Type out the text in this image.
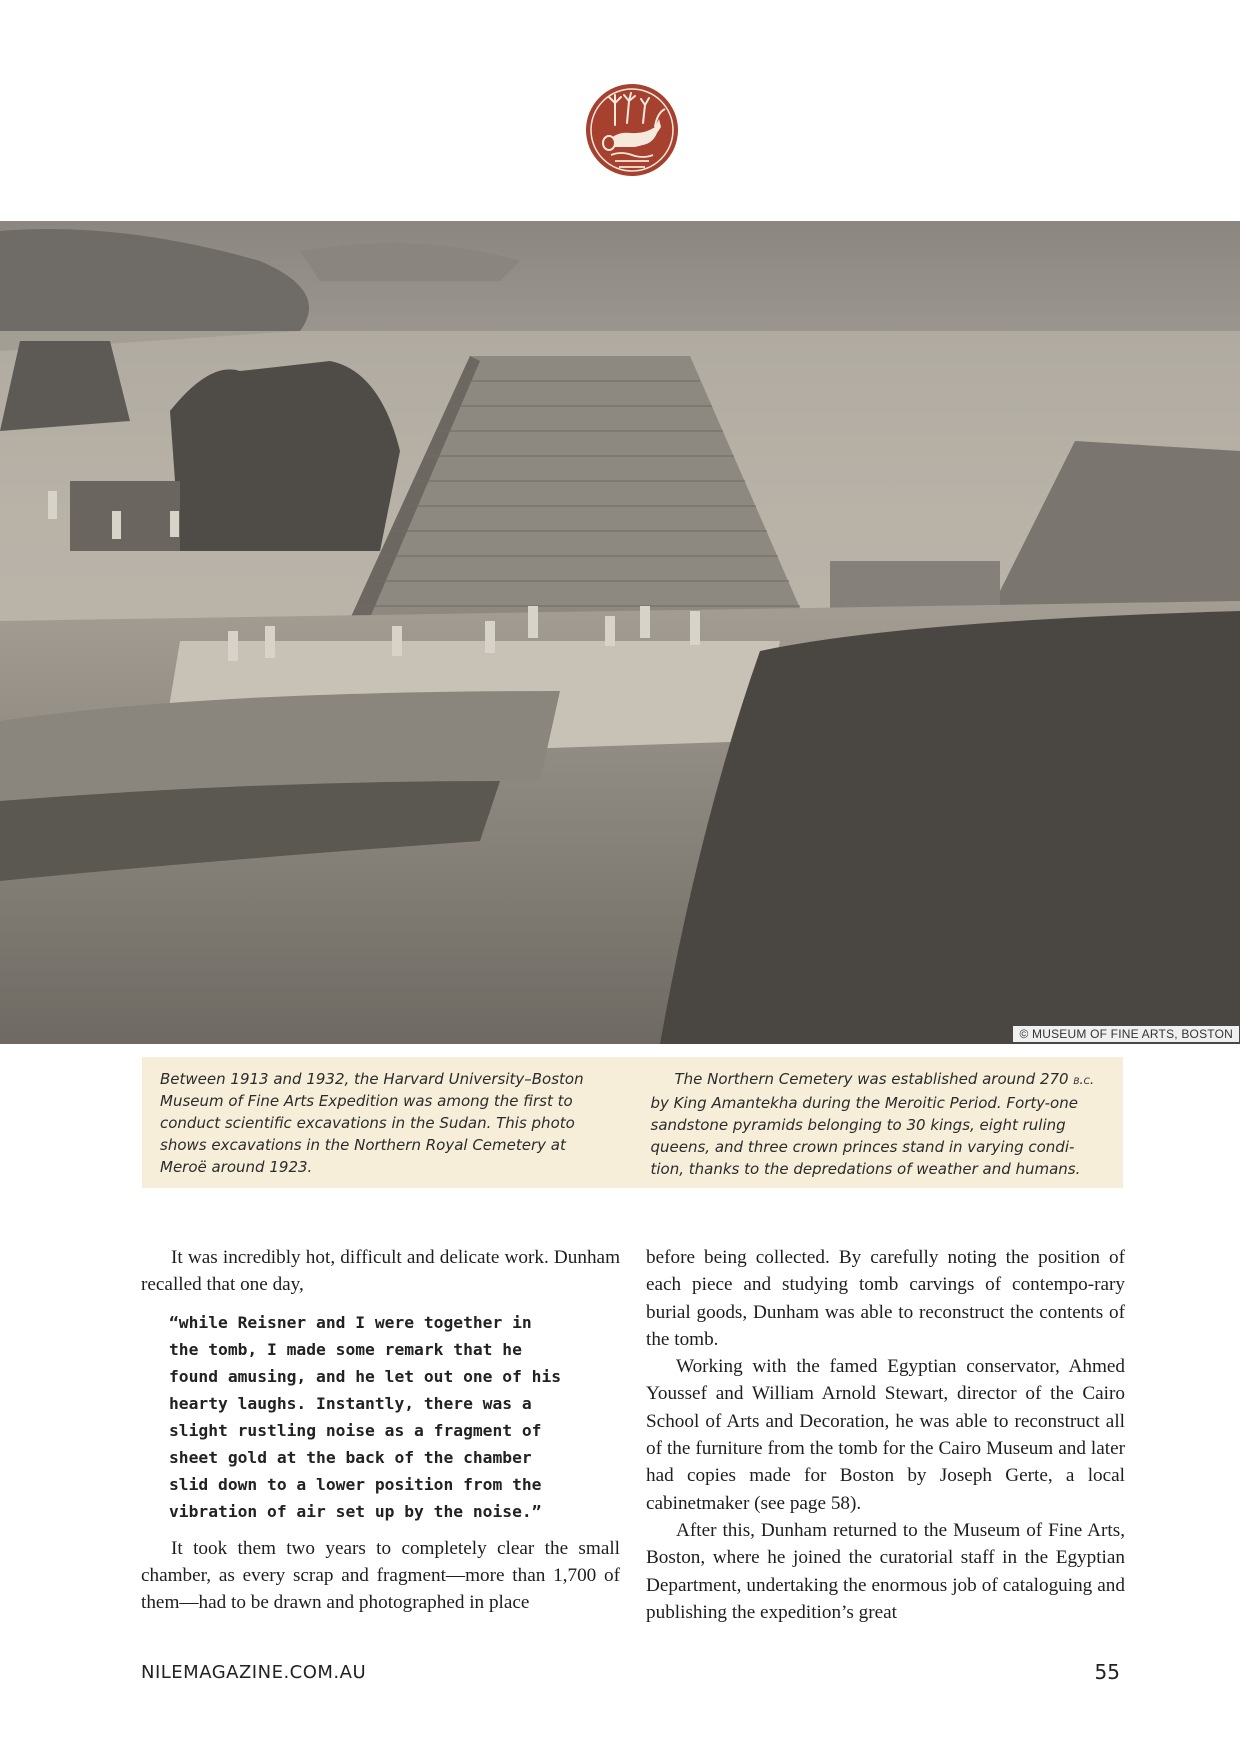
© MUSEUM OF FINE ARTS, BOSTON
Between 1913 and 1932, the Harvard University–Boston Museum of Fine Arts Expedition was among the first to conduct scientific excavations in the Sudan. This photo shows excavations in the Northern Royal Cemetery at Meroë around 1923.
The Northern Cemetery was established around 270 b.c. by King Amantekha during the Meroitic Period. Forty-one sandstone pyramids belonging to 30 kings, eight ruling queens, and three crown princes stand in varying condi-tion, thanks to the depredations of weather and humans.

It was incredibly hot, difficult and delicate work. Dunham recalled that one day,

“while Reisner and I were together in
the tomb, I made some remark that he
found amusing, and he let out one of his
hearty laughs. Instantly, there was a
slight rustling noise as a fragment of
sheet gold at the back of the chamber
slid down to a lower position from the
vibration of air set up by the noise.”

It took them two years to completely clear the small chamber, as every scrap and fragment—more than 1,700 of them—had to be drawn and photographed in place

before being collected. By carefully noting the position of each piece and studying tomb carvings of contempo-rary burial goods, Dunham was able to reconstruct the contents of the tomb.

Working with the famed Egyptian conservator, Ahmed Youssef and William Arnold Stewart, director of the Cairo School of Arts and Decoration, he was able to reconstruct all of the furniture from the tomb for the Cairo Museum and later had copies made for Boston by Joseph Gerte, a local cabinetmaker (see page 58).

After this, Dunham returned to the Museum of Fine Arts, Boston, where he joined the curatorial staff in the Egyptian Department, undertaking the enormous job of cataloguing and publishing the expedition’s great

NILEMAGAZINE.COM.AU	55
